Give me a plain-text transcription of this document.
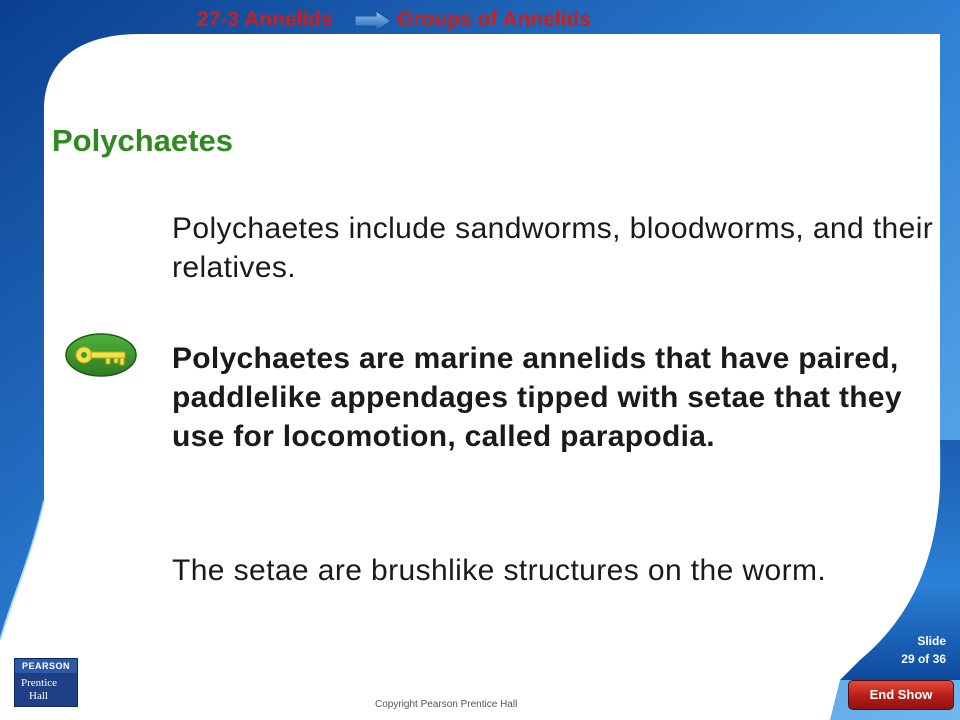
27-3 Annelids	Groups of Annelids
Polychaetes
Polychaetes include sandworms, bloodworms, and their relatives.
Polychaetes are marine annelids that have paired, paddlelike appendages tipped with setae that they use for locomotion, called parapodia.
The setae are brushlike structures on the worm.
PEARSON
Prentice
Hall
Copyright Pearson Prentice Hall
Slide
29 of 36
End Show
